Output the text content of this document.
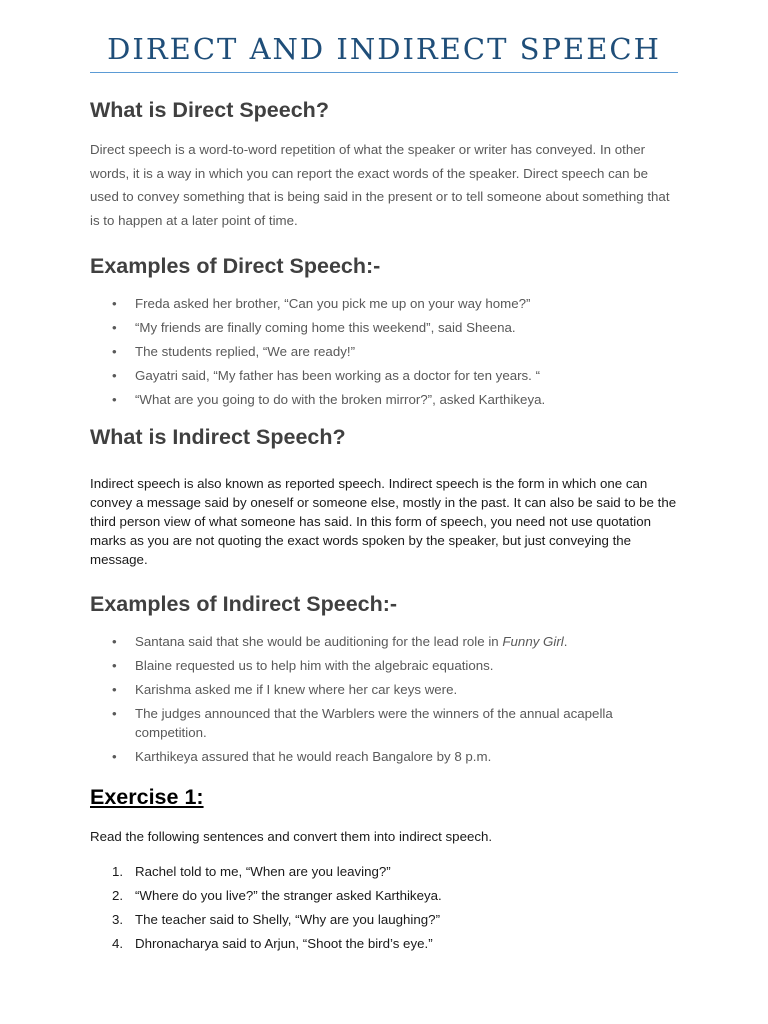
DIRECT AND INDIRECT SPEECH
What is Direct Speech?

Direct speech is a word-to-word repetition of what the speaker or writer has conveyed. In other words, it is a way in which you can report the exact words of the speaker. Direct speech can be used to convey something that is being said in the present or to tell someone about something that is to happen at a later point of time.

Examples of Direct Speech:-
• Freda asked her brother, “Can you pick me up on your way home?”
• “My friends are finally coming home this weekend”, said Sheena.
• The students replied, “We are ready!”
• Gayatri said, “My father has been working as a doctor for ten years. “
• “What are you going to do with the broken mirror?”, asked Karthikeya.
What is Indirect Speech?

Indirect speech is also known as reported speech. Indirect speech is the form in which one can convey a message said by oneself or someone else, mostly in the past. It can also be said to be the third person view of what someone has said. In this form of speech, you need not use quotation marks as you are not quoting the exact words spoken by the speaker, but just conveying the message.

Examples of Indirect Speech:-
• Santana said that she would be auditioning for the lead role in Funny Girl.
• Blaine requested us to help him with the algebraic equations.
• Karishma asked me if I knew where her car keys were.
• The judges announced that the Warblers were the winners of the annual acapella competition.
• Karthikeya assured that he would reach Bangalore by 8 p.m.
Exercise 1:

Read the following sentences and convert them into indirect speech.

1. Rachel told to me, “When are you leaving?”
2. “Where do you live?” the stranger asked Karthikeya.
3. The teacher said to Shelly, “Why are you laughing?”
4. Dhronacharya said to Arjun, “Shoot the bird’s eye.”
